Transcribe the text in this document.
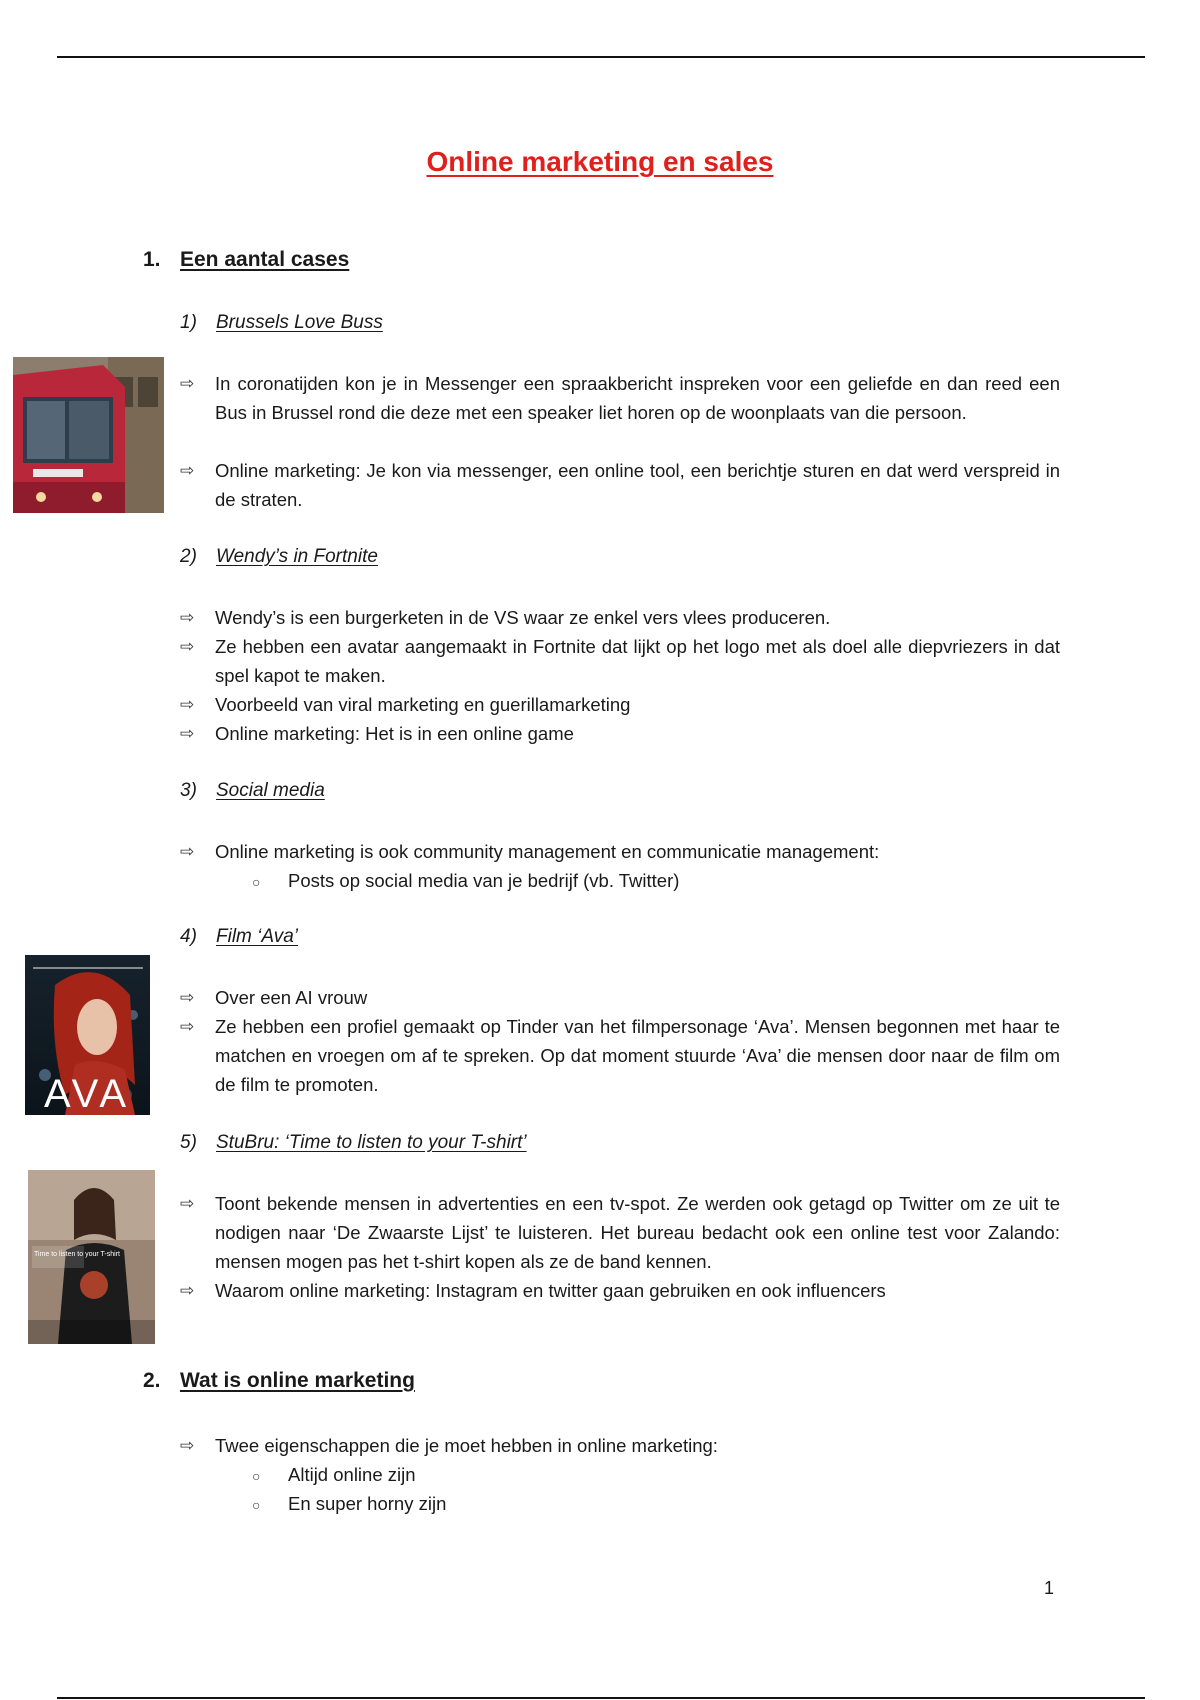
Online marketing en sales
1. Een aantal cases
1) Brussels Love Buss
⇨	In coronatijden kon je in Messenger een spraakbericht inspreken voor een geliefde en dan reed een Bus in Brussel rond die deze met een speaker liet horen op de woonplaats van die persoon.
⇨	Online marketing: Je kon via messenger, een online tool, een berichtje sturen en dat werd verspreid in de straten.
2) Wendy’s in Fortnite
⇨	Wendy’s is een burgerketen in de VS waar ze enkel vers vlees produceren.
⇨	Ze hebben een avatar aangemaakt in Fortnite dat lijkt op het logo met als doel alle diepvriezers in dat spel kapot te maken.
⇨	Voorbeeld van viral marketing en guerillamarketing
⇨	Online marketing: Het is in een online game
3) Social media
⇨	Online marketing is ook community management en communicatie management:
○ Posts op social media van je bedrijf (vb. Twitter)
4) Film ‘Ava’
AVA
⇨	Over een AI vrouw
⇨	Ze hebben een profiel gemaakt op Tinder van het filmpersonage ‘Ava’. Mensen begonnen met haar te matchen en vroegen om af te spreken. Op dat moment stuurde ‘Ava’ die mensen door naar de film om de film te promoten.
5) StuBru: ‘Time to listen to your T-shirt’
Time to listen to your T-shirt
⇨	Toont bekende mensen in advertenties en een tv-spot. Ze werden ook getagd op Twitter om ze uit te nodigen naar ‘De Zwaarste Lijst’ te luisteren. Het bureau bedacht ook een online test voor Zalando: mensen mogen pas het t-shirt kopen als ze de band kennen.
⇨	Waarom online marketing: Instagram en twitter gaan gebruiken en ook influencers
2. Wat is online marketing
⇨	Twee eigenschappen die je moet hebben in online marketing:
○ Altijd online zijn
○ En super horny zijn
1
